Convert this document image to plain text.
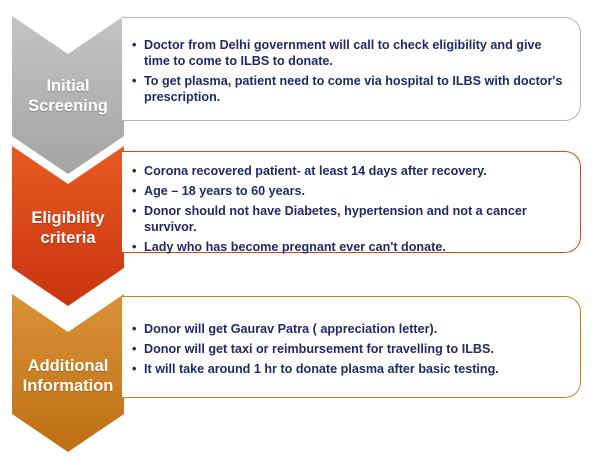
Initial
Screening
• Doctor from Delhi government will call to check eligibility and give time to come to ILBS to donate.
• To get plasma, patient need to come via hospital to ILBS with doctor's prescription.
Eligibility
criteria
• Corona recovered patient- at least 14 days after recovery.
• Age – 18 years to 60 years.
• Donor should not have Diabetes, hypertension and not a cancer survivor.
• Lady who has become pregnant ever can't donate.
Additional
Information
• Donor will get Gaurav Patra ( appreciation letter).
• Donor will get taxi or reimbursement for travelling to ILBS.
• It will take around 1 hr to donate plasma after basic testing.
